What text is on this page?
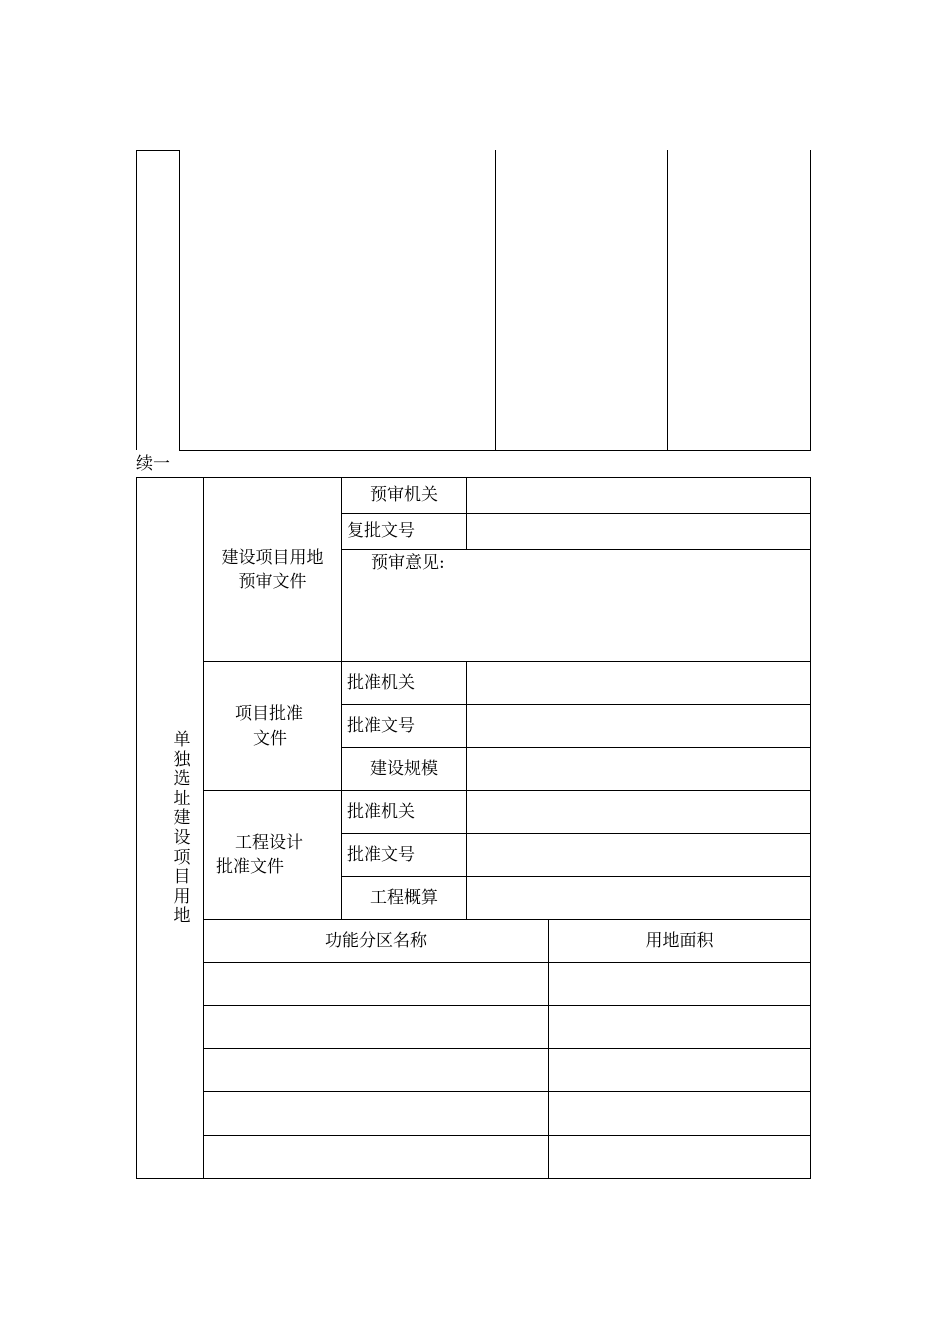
续一
单独选址建设项目用地
建设项目用地
预审文件
预审机关
复批文号
预审意见:
项目批准
文件
批准机关
批准文号
建设规模
工程设计
批准文件
批准机关
批准文号
工程概算
功能分区名称	用地面积
